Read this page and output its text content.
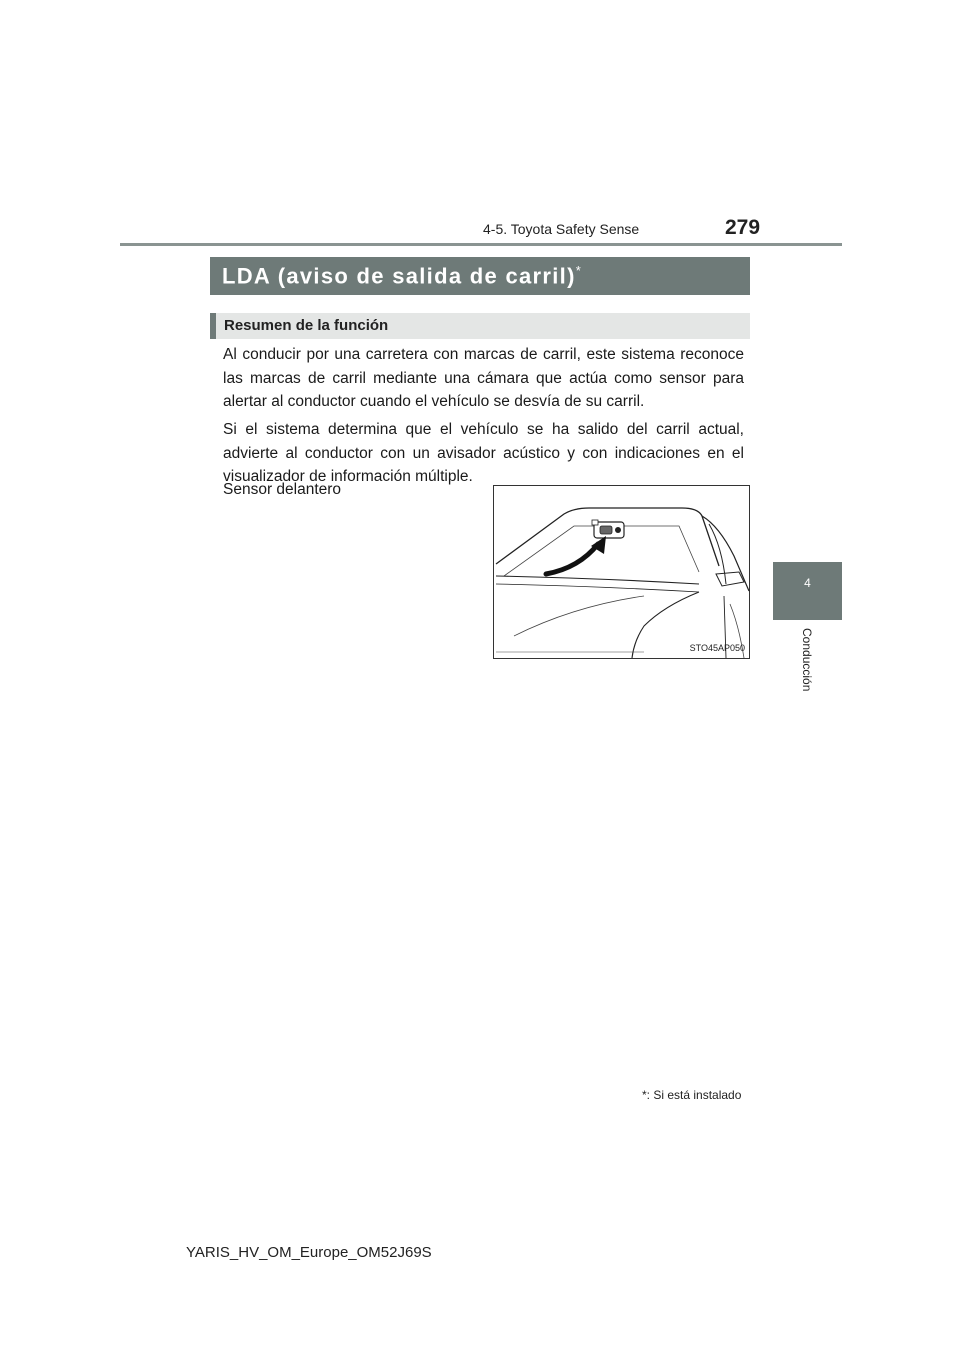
4-5. Toyota Safety Sense	279
4
Conducción
LDA (aviso de salida de carril)*
Resumen de la función

Al conducir por una carretera con marcas de carril, este sistema reconoce las marcas de carril mediante una cámara que actúa como sensor para alertar al conductor cuando el vehículo se desvía de su carril.

Si el sistema determina que el vehículo se ha salido del carril actual, advierte al conductor con un avisador acústico y con indicaciones en el visualizador de información múltiple.

Sensor delantero
STO45AP050
*: Si está instalado
YARIS_HV_OM_Europe_OM52J69S
